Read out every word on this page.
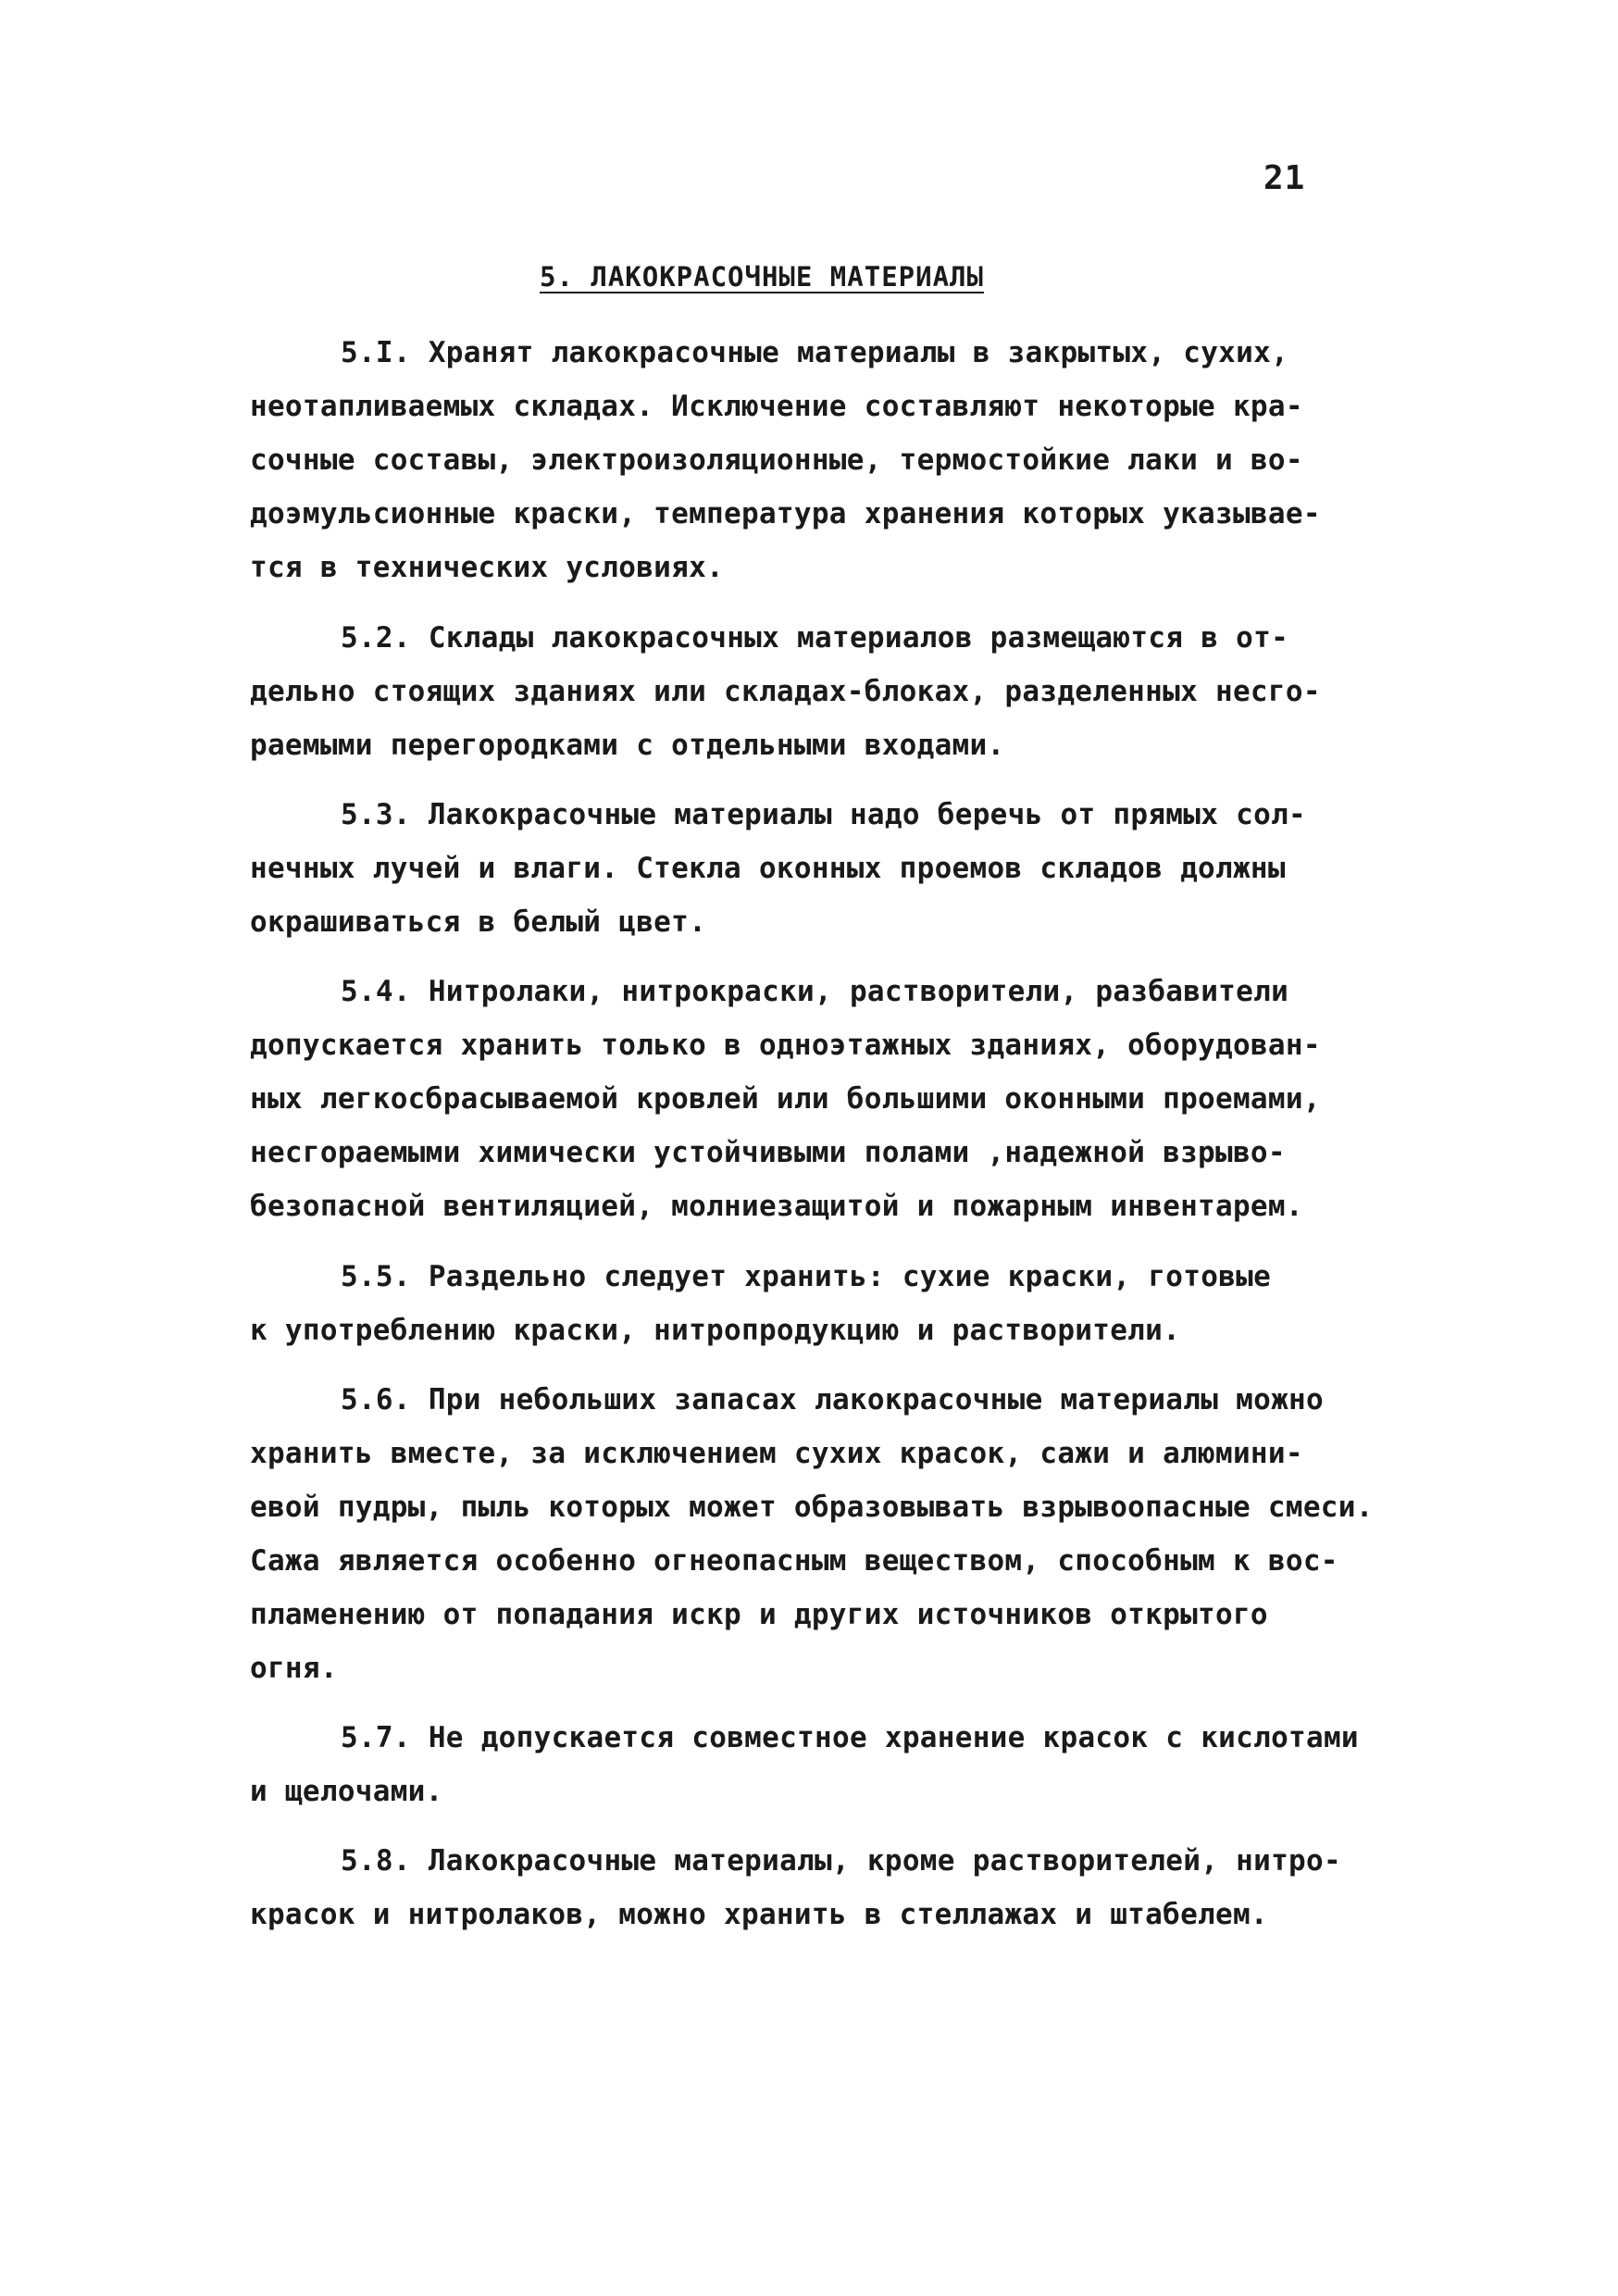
21
5. ЛАКОКРАСОЧНЫЕ МАТЕРИАЛЫ
5.I. Хранят лакокрасочные материалы в закрытых, сухих,
неотапливаемых складах. Исключение составляют некоторые кра-
сочные составы, электроизоляционные, термостойкие лаки и во-
доэмульсионные краски, температура хранения которых указывае-
тся в технических условиях.
5.2. Склады лакокрасочных материалов размещаются в от-
дельно стоящих зданиях или складах-блоках, разделенных несго-
раемыми перегородками с отдельными входами.
5.3. Лакокрасочные материалы надо беречь от прямых сол-
нечных лучей и влаги. Стекла оконных проемов складов должны
окрашиваться в белый цвет.
5.4. Нитролаки, нитрокраски, растворители, разбавители
допускается хранить только в одноэтажных зданиях, оборудован-
ных легкосбрасываемой кровлей или большими оконными проемами,
несгораемыми химически устойчивыми полами ,надежной взрыво-
безопасной вентиляцией, молниезащитой и пожарным инвентарем.
5.5. Раздельно следует хранить: сухие краски, готовые
к употреблению краски, нитропродукцию и растворители.
5.6. При небольших запасах лакокрасочные материалы можно
хранить вместе, за исключением сухих красок, сажи и алюмини-
евой пудры, пыль которых может образовывать взрывоопасные смеси.
Сажа является особенно огнеопасным веществом, способным к вос-
пламенению от попадания искр и других источников открытого
огня.
5.7. Не допускается совместное хранение красок с кислотами
и щелочами.
5.8. Лакокрасочные материалы, кроме растворителей, нитро-
красок и нитролаков, можно хранить в стеллажах и штабелем.
